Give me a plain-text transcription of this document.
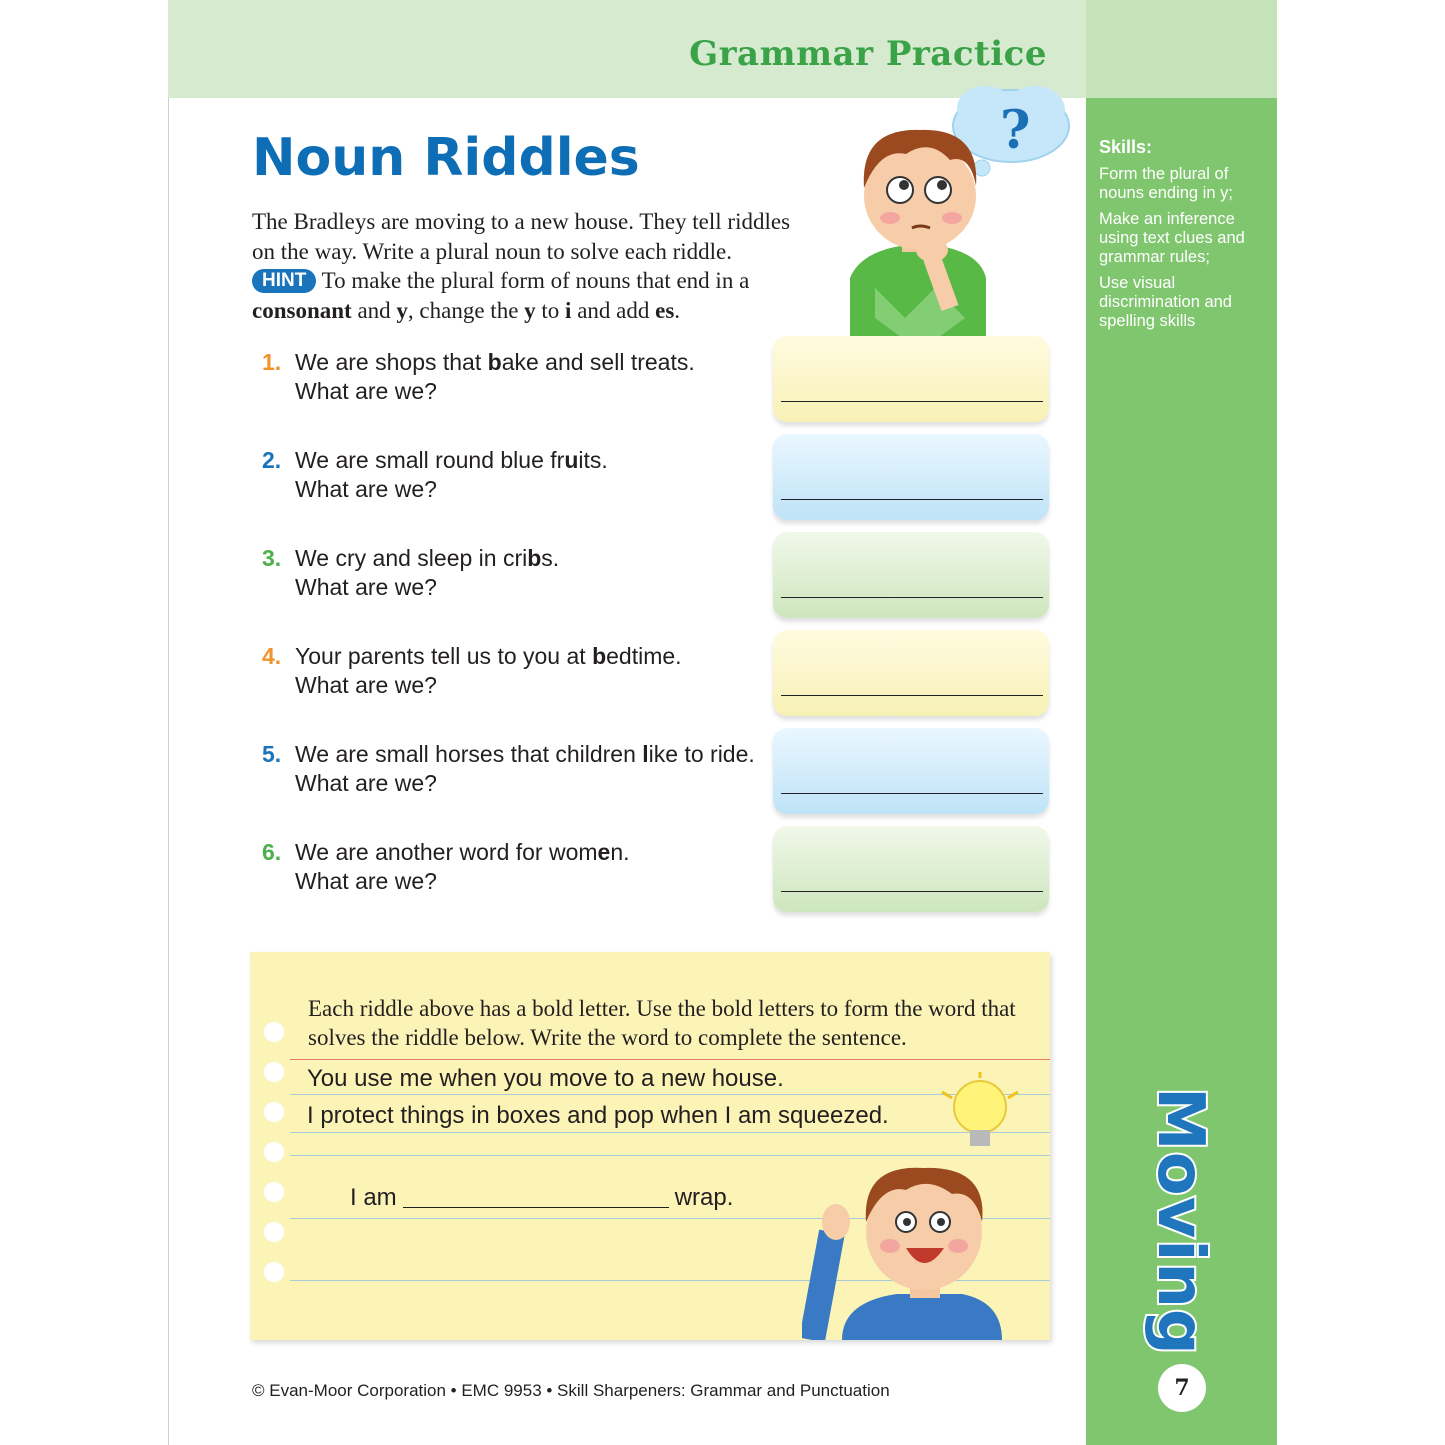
Grammar Practice
Noun Riddles
The Bradleys are moving to a new house. They tell riddles on the way. Write a plural noun to solve each riddle.
HINT To make the plural form of nouns that end in a consonant and y, change the y to i and add es.
1. We are shops that bake and sell treats.
What are we?
2. We are small round blue fruits.
What are we?
3. We cry and sleep in cribs.
What are we?
4. Your parents tell us to you at bedtime.
What are we?
5. We are small horses that children like to ride.
What are we?
6. We are another word for women.
What are we?
?	Skills:
Form the plural of nouns ending in y;
Make an inference using text clues and grammar rules;
Use visual discrimination and spelling skills
Moving
7
Each riddle above has a bold letter. Use the bold letters to form the word that solves the riddle below. Write the word to complete the sentence.
You use me when you move to a new house.
I protect things in boxes and pop when I am squeezed.
I am	wrap.
© Evan-Moor Corporation • EMC 9953 • Skill Sharpeners: Grammar and Punctuation
